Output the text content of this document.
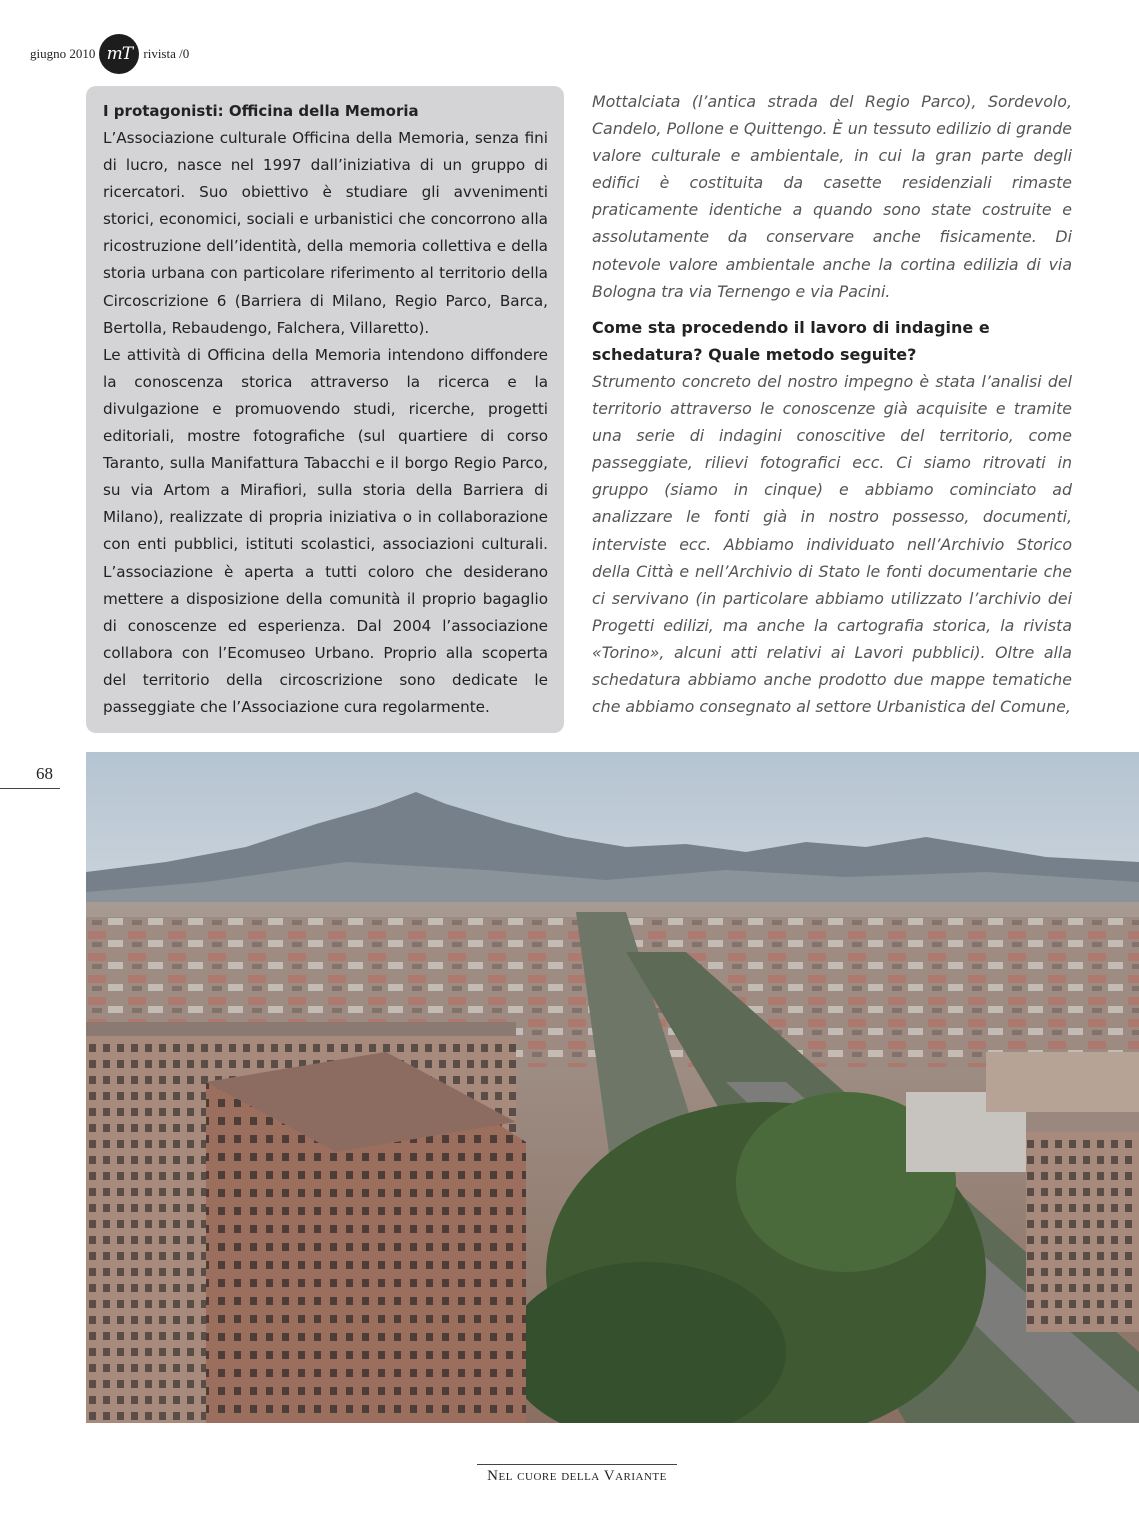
giugno 2010 mT rivista /0
I protagonisti: Officina della Memoria

L’Associazione culturale Officina della Memoria, senza fini di lucro, nasce nel 1997 dall’iniziativa di un gruppo di ricercatori. Suo obiettivo è studiare gli avvenimenti storici, economici, sociali e urbanistici che concorrono alla ricostruzione dell’identità, della memoria collettiva e della storia urbana con particolare riferimento al territorio della Circoscrizione 6 (Barriera di Milano, Regio Parco, Barca, Bertolla, Rebaudengo, Falchera, Villaretto).

Le attività di Officina della Memoria intendono diffondere la conoscenza storica attraverso la ricerca e la divulgazione e promuovendo studi, ricerche, progetti editoriali, mostre fotografiche (sul quartiere di corso Taranto, sulla Manifattura Tabacchi e il borgo Regio Parco, su via Artom a Mirafiori, sulla storia della Barriera di Milano), realizzate di propria iniziativa o in collaborazione con enti pubblici, istituti scolastici, associazioni culturali. L’associazione è aperta a tutti coloro che desiderano mettere a disposizione della comunità il proprio bagaglio di conoscenze ed esperienza. Dal 2004 l’associazione collabora con l’Ecomuseo Urbano. Proprio alla scoperta del territorio della circoscrizione sono dedicate le passeggiate che l’Associazione cura regolarmente.

Mottalciata (l’antica strada del Regio Parco), Sordevolo, Candelo, Pollone e Quittengo. È un tessuto edilizio di grande valore culturale e ambientale, in cui la gran parte degli edifici è costituita da casette residenziali rimaste praticamente identiche a quando sono state costruite e assolutamente da conservare anche fisicamente. Di notevole valore ambientale anche la cortina edilizia di via Bologna tra via Ternengo e via Pacini.

Come sta procedendo il lavoro di indagine e schedatura? Quale metodo seguite?

Strumento concreto del nostro impegno è stata l’analisi del territorio attraverso le conoscenze già acquisite e tramite una serie di indagini conoscitive del territorio, come passeggiate, rilievi fotografici ecc. Ci siamo ritrovati in gruppo (siamo in cinque) e abbiamo cominciato ad analizzare le fonti già in nostro possesso, documenti, interviste ecc. Abbiamo individuato nell’Archivio Storico della Città e nell’Archivio di Stato le fonti documentarie che ci servivano (in particolare abbiamo utilizzato l’archivio dei Progetti edilizi, ma anche la cartografia storica, la rivista «Torino», alcuni atti relativi ai Lavori pubblici). Oltre alla schedatura abbiamo anche prodotto due mappe tematiche che abbiamo consegnato al settore Urbanistica del Comune,

68
Nel cuore della Variante
